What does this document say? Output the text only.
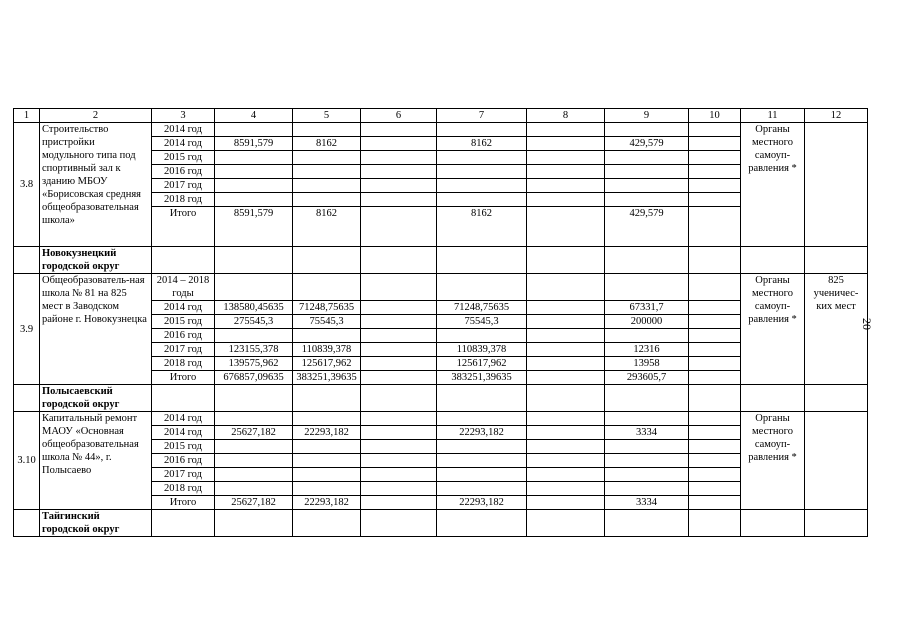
1	2	3	4	5	6	7	8	9	10	11	12
3.8	Строительство пристройки модульного типа под спортивный зал к зданию МБОУ «Борисовская средняя общеобразовательная школа»	2014 год								Органы местного самоуп-равления *	
		2014 год	8591,579	8162		8162		429,579			
		2015 год									
		2016 год									
		2017 год									
		2018 год									
		Итого	8591,579	8162		8162		429,579			
	Новокузнецкий городской округ										
3.9	Общеобразователь-ная школа № 81 на 825 мест в Заводском районе г. Новокузнецка	2014 – 2018 годы								Органы местного самоуп-равления *	825 ученичес-ких мест
		2014 год	138580,45635	71248,75635		71248,75635		67331,7			
		2015 год	275545,3	75545,3		75545,3		200000			
		2016 год									
		2017 год	123155,378	110839,378		110839,378		12316			
		2018 год	139575,962	125617,962		125617,962		13958			
		Итого	676857,09635	383251,39635		383251,39635		293605,7			
	Полысаевский городской округ										
3.10	Капитальный ремонт МАОУ «Основная общеобразовательная школа № 44», г. Полысаево	2014 год								Органы местного самоуп-равления *	
		2014 год	25627,182	22293,182		22293,182		3334			
		2015 год									
		2016 год									
		2017 год									
		2018 год									
		Итого	25627,182	22293,182		22293,182		3334			
	Тайгинский городской округ										
20
